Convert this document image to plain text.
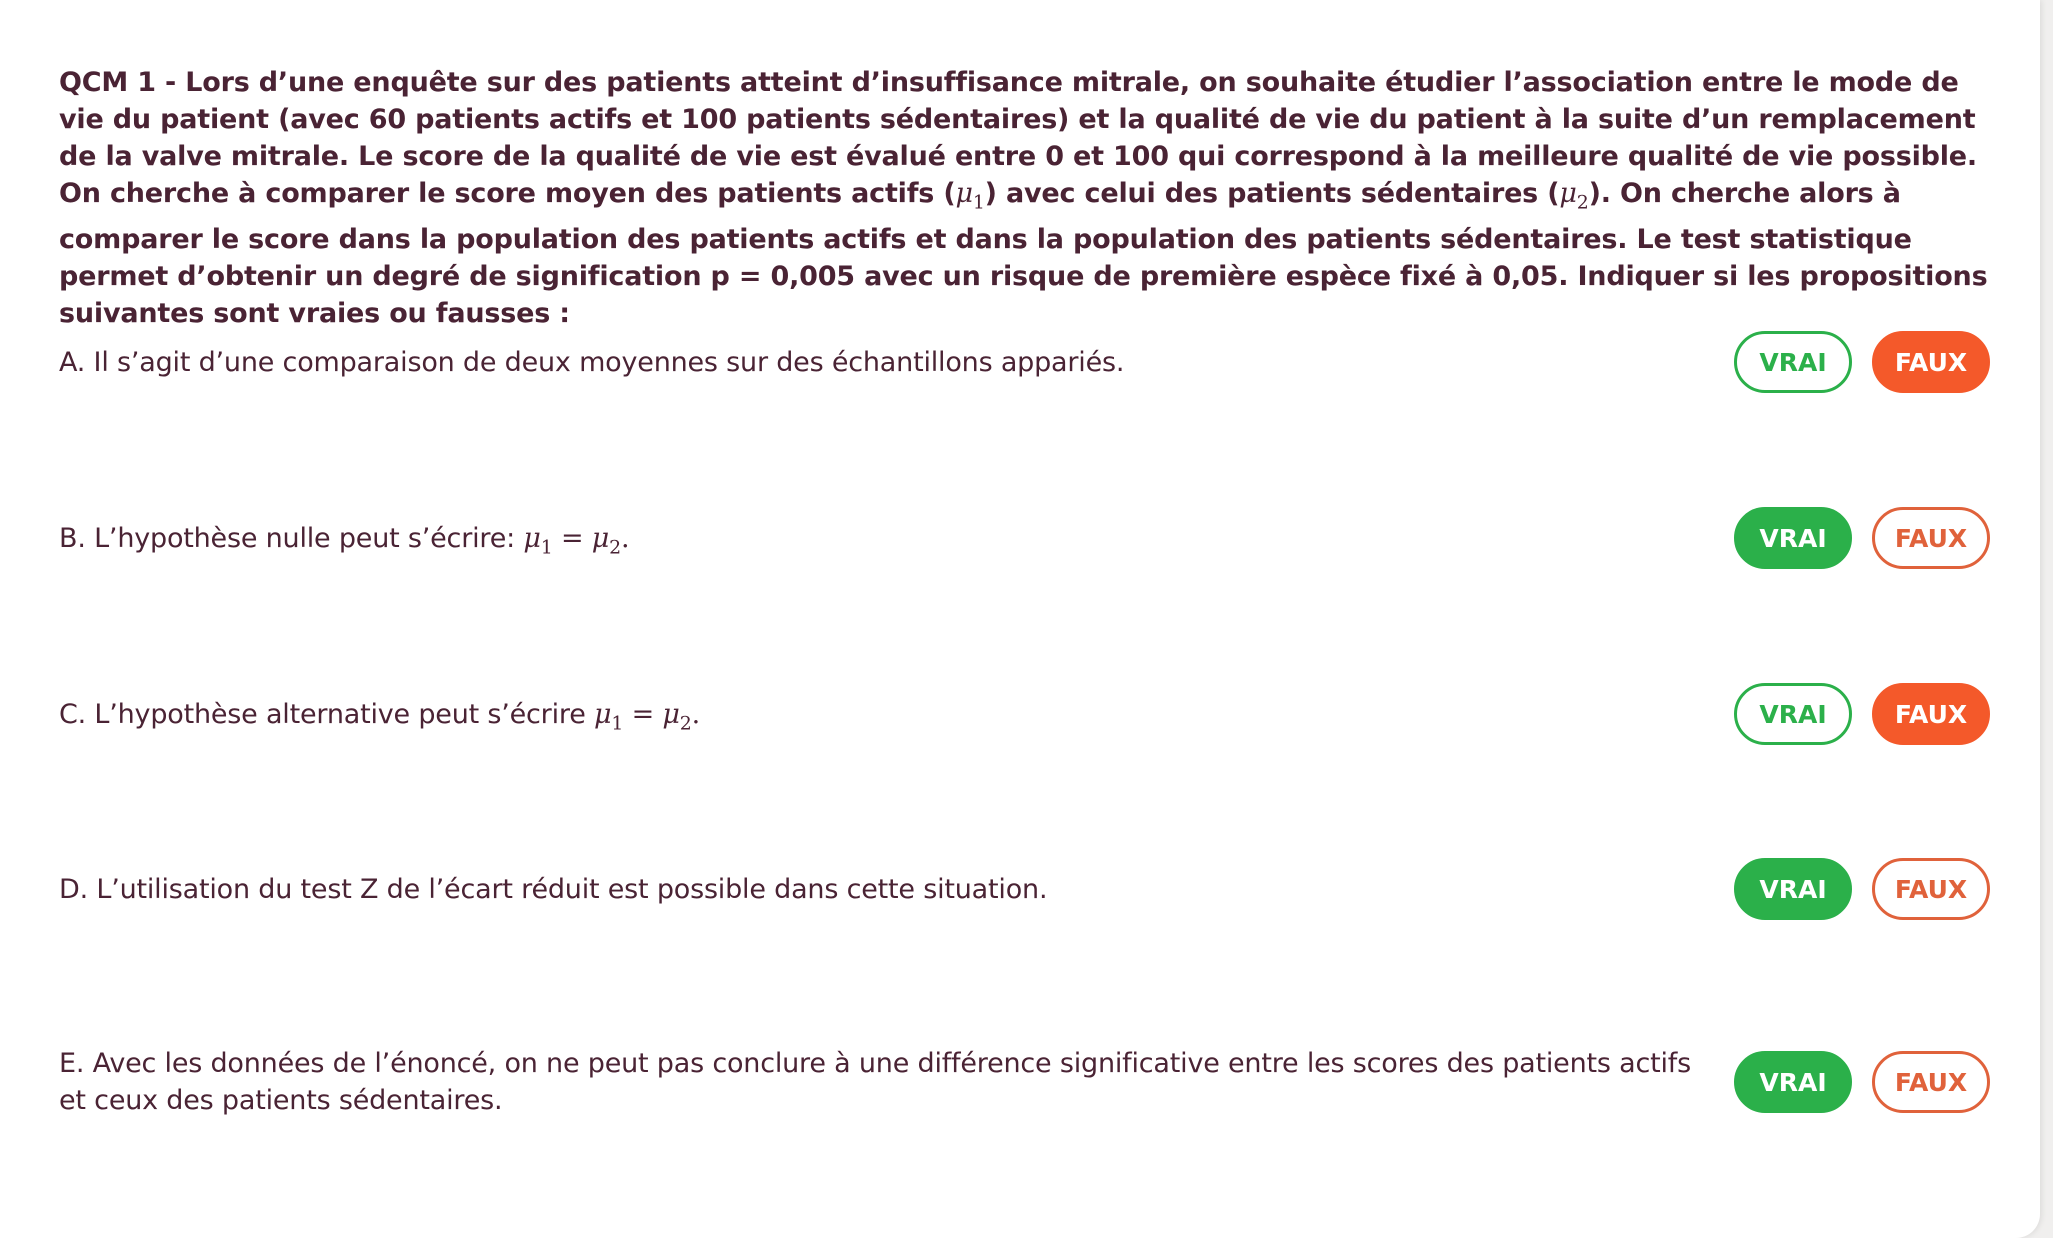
QCM 1 - Lors d’une enquête sur des patients atteint d’insuffisance mitrale, on souhaite étudier l’association entre le mode de vie du patient (avec 60 patients actifs et 100 patients sédentaires) et la qualité de vie du patient à la suite d’un remplacement de la valve mitrale. Le score de la qualité de vie est évalué entre 0 et 100 qui correspond à la meilleure qualité de vie possible. On cherche à comparer le score moyen des patients actifs $(\mu_1)$ avec celui des patients sédentaires $(\mu_2)$. On cherche alors à comparer le score dans la population des patients actifs et dans la population des patients sédentaires. Le test statistique permet d’obtenir un degré de signification p = 0,005 avec un risque de première espèce fixé à 0,05. Indiquer si les propositions suivantes sont vraies ou fausses :
A. Il s’agit d’une comparaison de deux moyennes sur des échantillons appariés.	VRAI	FAUX
B. L’hypothèse nulle peut s’écrire: $\mu_1 = \mu_2$.	VRAI	FAUX
C. L’hypothèse alternative peut s’écrire $\mu_1 = \mu_2$.	VRAI	FAUX
D. L’utilisation du test Z de l’écart réduit est possible dans cette situation.	VRAI	FAUX
E. Avec les données de l’énoncé, on ne peut pas conclure à une différence significative entre les scores des patients actifs et ceux des patients sédentaires.
VRAI	FAUX
